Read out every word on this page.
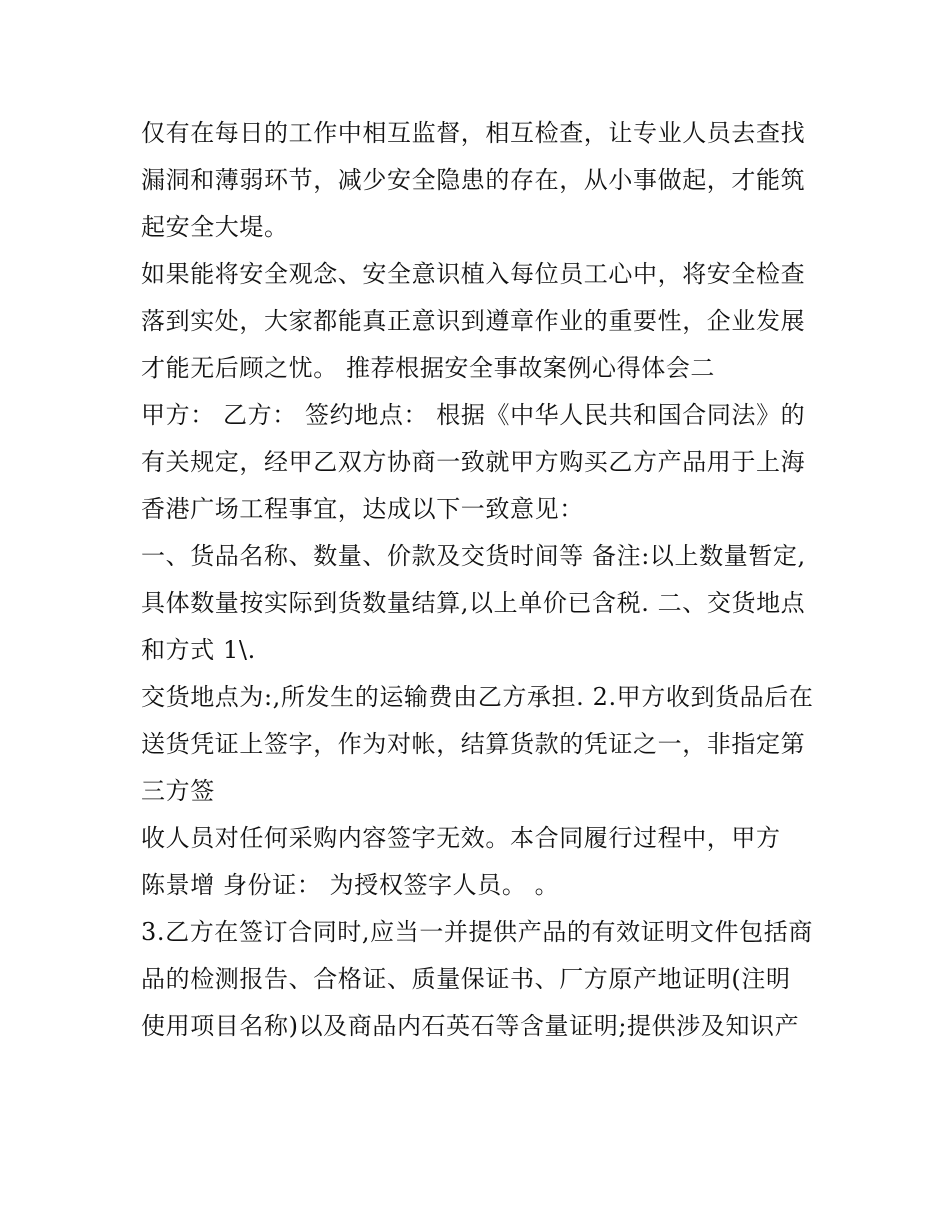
仅有在每日的工作中相互监督，相互检查，让专业人员去查找
漏洞和薄弱环节，减少安全隐患的存在，从小事做起，才能筑
起安全大堤。
如果能将安全观念、安全意识植入每位员工心中，将安全检查
落到实处，大家都能真正意识到遵章作业的重要性，企业发展
才能无后顾之忧。 推荐根据安全事故案例心得体会二
甲方： 乙方： 签约地点： 根据《中华人民共和国合同法》的
有关规定，经甲乙双方协商一致就甲方购买乙方产品用于上海
香港广场工程事宜，达成以下一致意见：
一、货品名称、数量、价款及交货时间等 备注:以上数量暂定,
具体数量按实际到货数量结算,以上单价已含税. 二、交货地点
和方式 1\.
交货地点为:,所发生的运输费由乙方承担. 2.甲方收到货品后在
送货凭证上签字，作为对帐，结算货款的凭证之一，非指定第
三方签
收人员对任何采购内容签字无效。本合同履行过程中，甲方
陈景增 身份证： 为授权签字人员。 。
3.乙方在签订合同时,应当一并提供产品的有效证明文件包括商
品的检测报告、合格证、质量保证书、厂方原产地证明(注明
使用项目名称)以及商品内石英石等含量证明;提供涉及知识产
